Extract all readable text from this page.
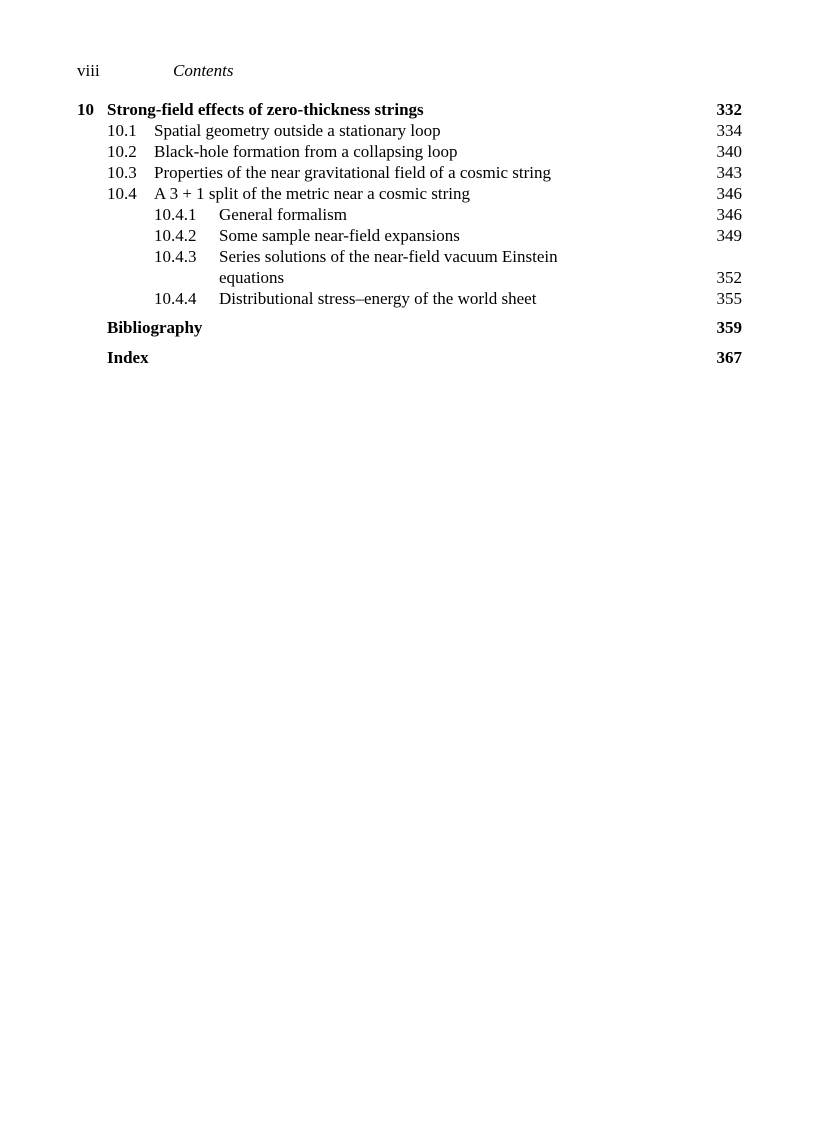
viii	Contents
10 Strong-field effects of zero-thickness strings	332
10.1 Spatial geometry outside a stationary loop	334
10.2 Black-hole formation from a collapsing loop	340
10.3 Properties of the near gravitational field of a cosmic string	343
10.4 A 3 + 1 split of the metric near a cosmic string	346
10.4.1 General formalism	346
10.4.2 Some sample near-field expansions	349
10.4.3 Series solutions of the near-field vacuum Einstein
equations	352
10.4.4 Distributional stress–energy of the world sheet	355
Bibliography	359
Index	367
